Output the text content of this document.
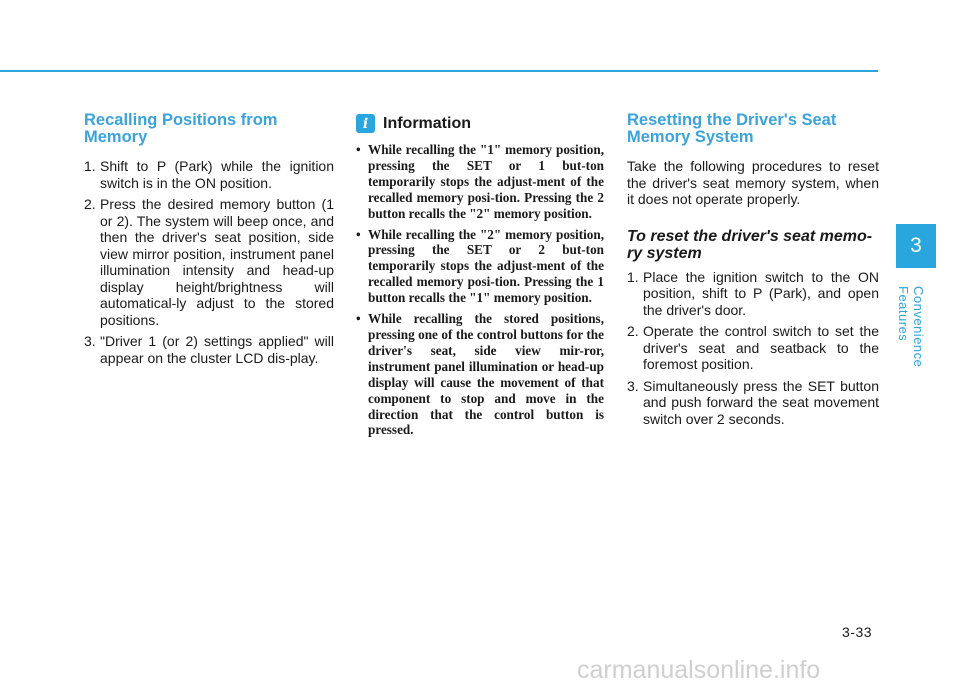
Recalling Positions from Memory
1. Shift to P (Park) while the ignition switch is in the ON position.
2. Press the desired memory button (1 or 2). The system will beep once, and then the driver's seat position, side view mirror position, instrument panel illumination intensity and head-up display height/brightness will automatical-ly adjust to the stored positions.
3. "Driver 1 (or 2) settings applied" will appear on the cluster LCD dis-play.
i Information
• While recalling the "1" memory position, pressing the SET or 1 but-ton temporarily stops the adjust-ment of the recalled memory posi-tion. Pressing the 2 button recalls the "2" memory position.
• While recalling the "2" memory position, pressing the SET or 2 but-ton temporarily stops the adjust-ment of the recalled memory posi-tion. Pressing the 1 button recalls the "1" memory position.
• While recalling the stored positions, pressing one of the control buttons for the driver's seat, side view mir-ror, instrument panel illumination or head-up display will cause the movement of that component to stop and move in the direction that the control button is pressed.
Resetting the Driver's Seat Memory System

Take the following procedures to reset the driver's seat memory system, when it does not operate properly.

To reset the driver's seat memo-ry system
1. Place the ignition switch to the ON position, shift to P (Park), and open the driver's door.
2. Operate the control switch to set the driver's seat and seatback to the foremost position.
3. Simultaneously press the SET button and push forward the seat movement switch over 2 seconds.
3
Convenience Features
3-33
carmanualsonline.info
